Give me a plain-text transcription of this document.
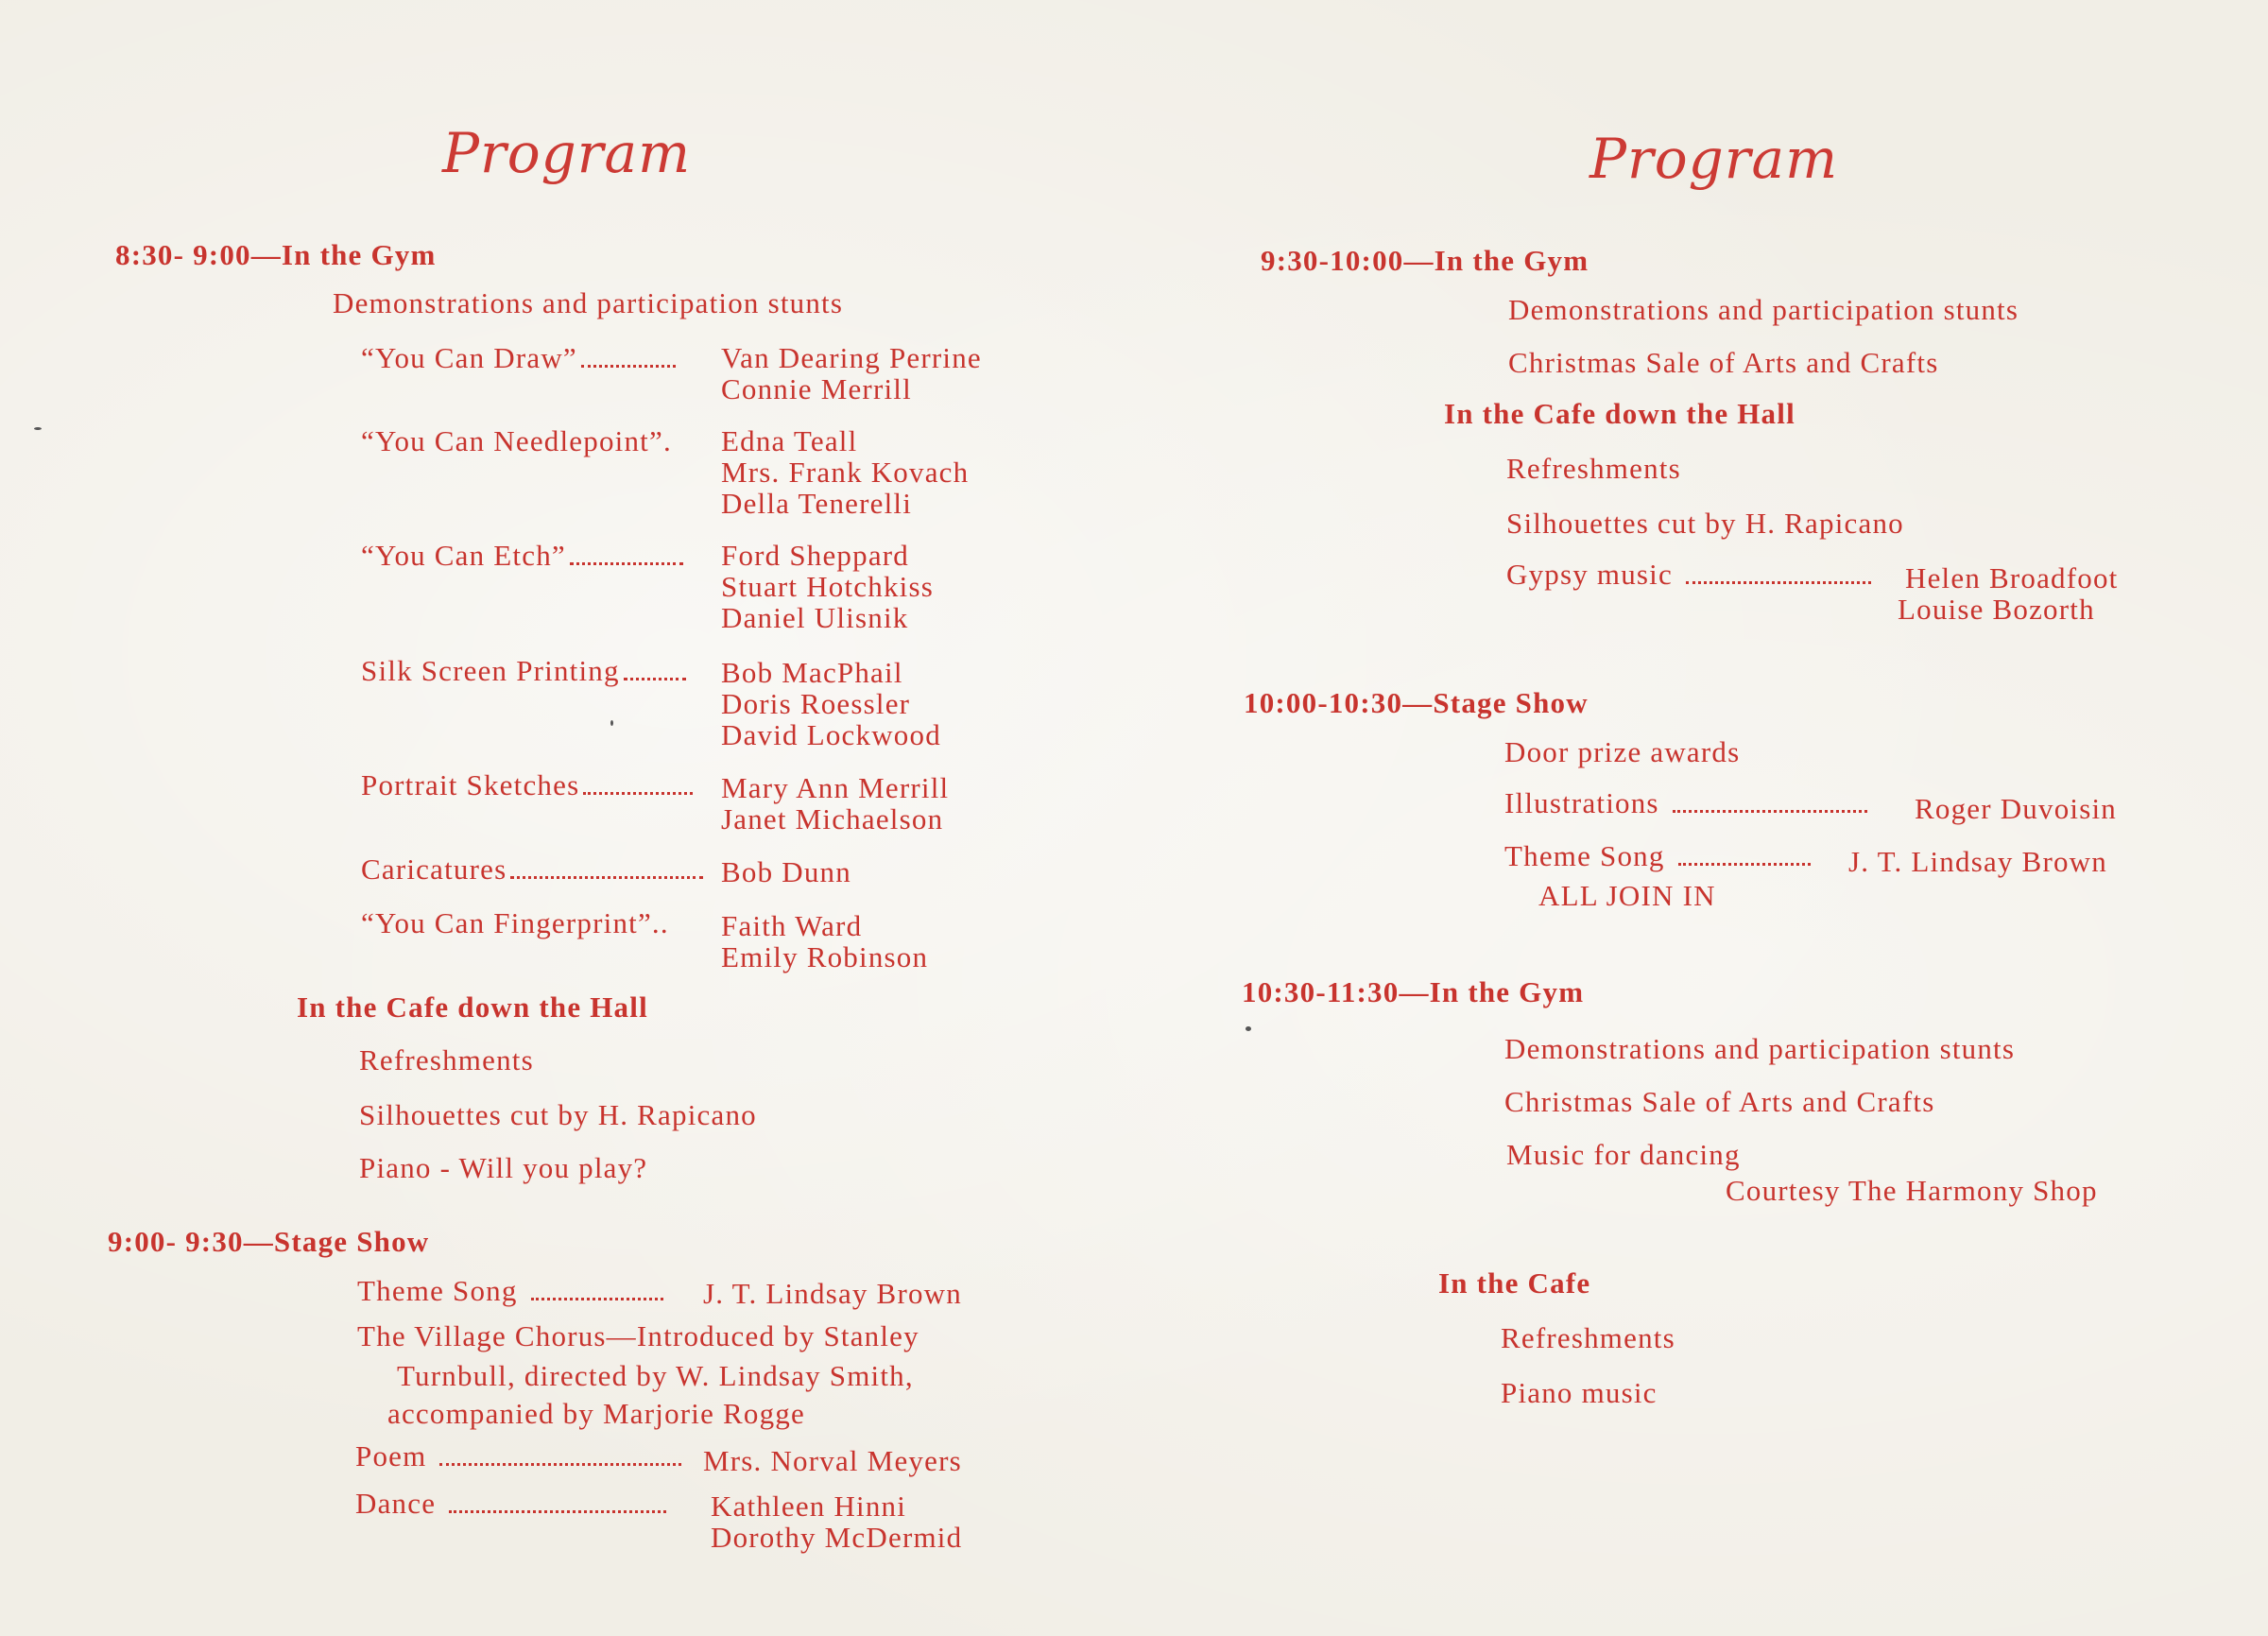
Program
8:30- 9:00—In the Gym
Demonstrations and participation stunts
“You Can Draw”	Van Dearing Perrine
Connie Merrill
“You Can Needlepoint”. Edna Teall
Mrs. Frank Kovach
Della Tenerelli
“You Can Etch”	Ford Sheppard
Stuart Hotchkiss
Daniel Ulisnik
Silk Screen Printing	Bob MacPhail
Doris Roessler
David Lockwood
Portrait Sketches	Mary Ann Merrill
Janet Michaelson
Caricatures	Bob Dunn
“You Can Fingerprint”.. Faith Ward
Emily Robinson
In the Cafe down the Hall
Refreshments
Silhouettes cut by H. Rapicano
Piano - Will you play?
9:00- 9:30—Stage Show
Theme Song	J. T. Lindsay Brown
The Village Chorus—Introduced by Stanley
Turnbull, directed by W. Lindsay Smith,
accompanied by Marjorie Rogge
Poem	Mrs. Norval Meyers
Dance	Kathleen Hinni
Dorothy McDermid
Program
9:30-10:00—In the Gym
Demonstrations and participation stunts
Christmas Sale of Arts and Crafts
In the Cafe down the Hall
Refreshments
Silhouettes cut by H. Rapicano
Gypsy music	Helen Broadfoot
Louise Bozorth
10:00-10:30—Stage Show
Door prize awards
Illustrations	Roger Duvoisin
Theme Song	J. T. Lindsay Brown
ALL JOIN IN
10:30-11:30—In the Gym
Demonstrations and participation stunts
Christmas Sale of Arts and Crafts
Music for dancing
Courtesy The Harmony Shop
In the Cafe
Refreshments
Piano music
